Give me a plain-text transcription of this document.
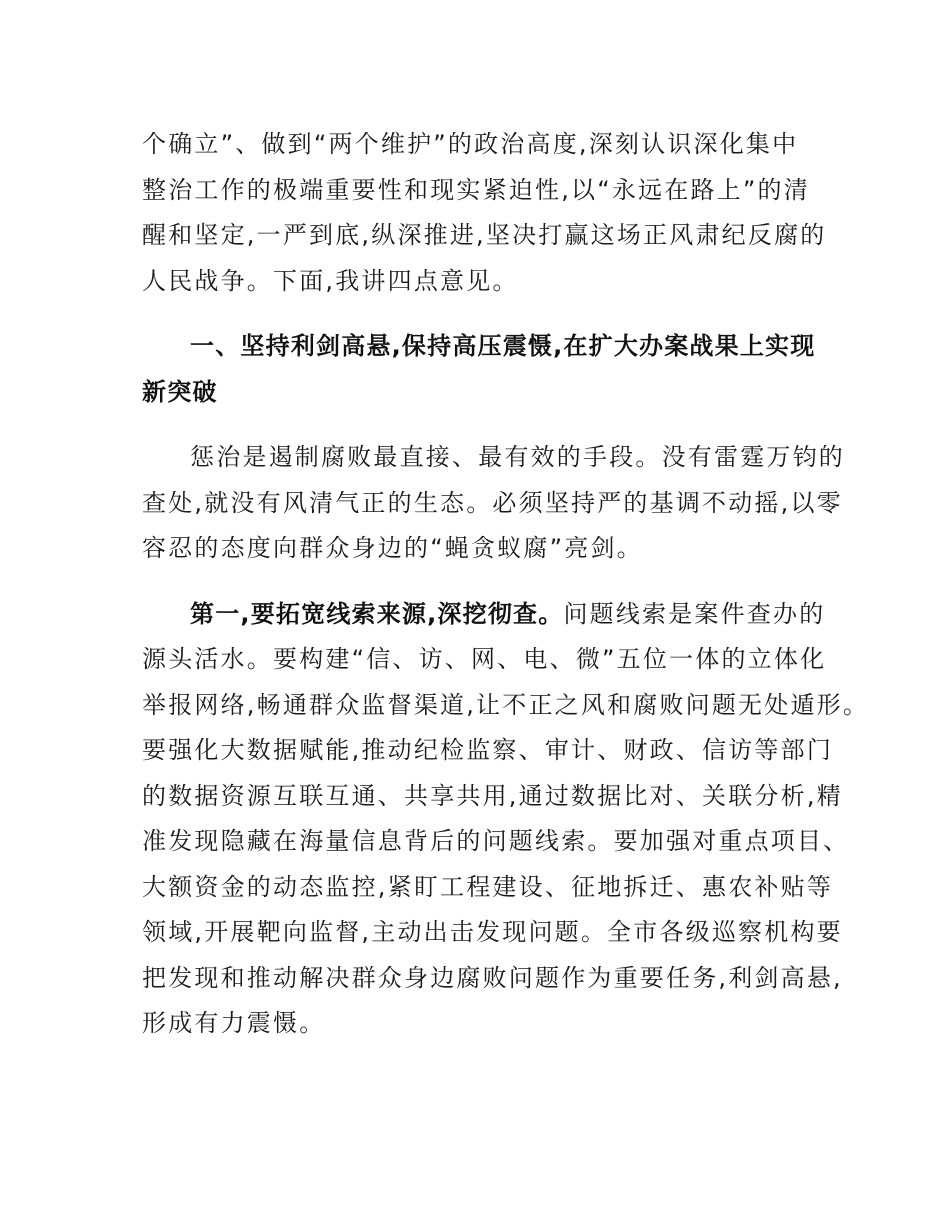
个确立”、做到“两个维护”的政治高度,深刻认识深化集中
整治工作的极端重要性和现实紧迫性,以“永远在路上”的清
醒和坚定,一严到底,纵深推进,坚决打赢这场正风肃纪反腐的
人民战争。下面,我讲四点意见。
一、坚持利剑高悬,保持高压震慑,在扩大办案战果上实现
新突破
惩治是遏制腐败最直接、最有效的手段。没有雷霆万钧的
查处,就没有风清气正的生态。必须坚持严的基调不动摇,以零
容忍的态度向群众身边的“蝇贪蚁腐”亮剑。
第一,要拓宽线索来源,深挖彻查。问题线索是案件查办的
源头活水。要构建“信、访、网、电、微”五位一体的立体化
举报网络,畅通群众监督渠道,让不正之风和腐败问题无处遁形。
要强化大数据赋能,推动纪检监察、审计、财政、信访等部门
的数据资源互联互通、共享共用,通过数据比对、关联分析,精
准发现隐藏在海量信息背后的问题线索。要加强对重点项目、
大额资金的动态监控,紧盯工程建设、征地拆迁、惠农补贴等
领域,开展靶向监督,主动出击发现问题。全市各级巡察机构要
把发现和推动解决群众身边腐败问题作为重要任务,利剑高悬,
形成有力震慑。
